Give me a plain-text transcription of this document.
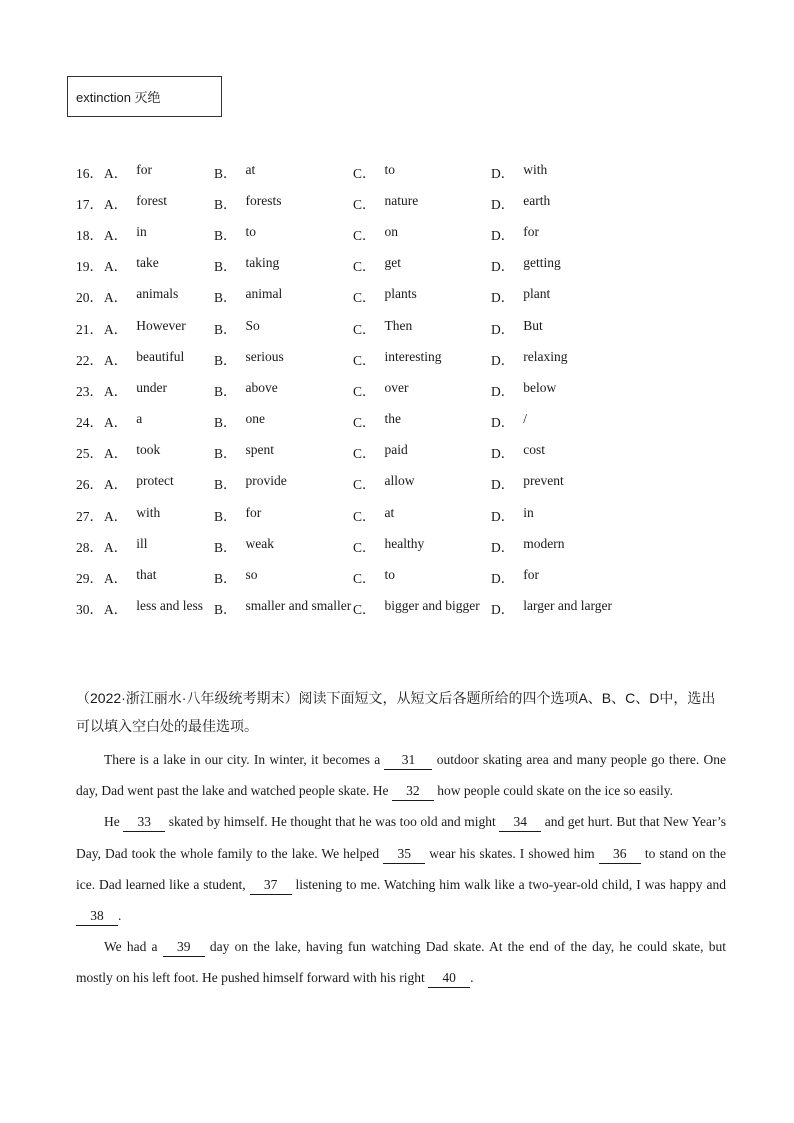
extinction 灭绝
16． A． for	B． at	C． to	D． with
17． A． forest	B． forests	C． nature	D． earth
18． A． in	B． to	C． on	D． for
19． A． take	B． taking	C． get	D． getting
20． A． animals	B． animal	C． plants	D． plant
21． A． However B． So	C． Then	D． But
22． A． beautiful B． serious	C． interesting	D． relaxing
23． A． under	B． above	C． over	D． below
24． A． a	B． one	C． the	D． /
25． A． took	B． spent	C． paid	D． cost
26． A． protect	B． provide	C． allow	D． prevent
27． A． with	B． for	C． at	D． in
28． A． ill	B． weak	C． healthy	D． modern
29． A． that	B． so	C． to	D． for
30． A． less and less B． smaller and smaller C． bigger and bigger D． larger and larger
（2022·浙江丽水·八年级统考期末）阅读下面短文，从短文后各题所给的四个选项A、B、C、D中，选出可以填入空白处的最佳选项。

There is a lake in our city. In winter, it becomes a 31 outdoor skating area and many people go there. One day, Dad went past the lake and watched people skate. He 32 how people could skate on the ice so easily.

He 33 skated by himself. He thought that he was too old and might 34 and get hurt. But that New Year’s Day, Dad took the whole family to the lake. We helped 35 wear his skates. I showed him 36 to stand on the ice. Dad learned like a student, 37 listening to me. Watching him walk like a two-year-old child, I was happy and 38 .

We had a 39 day on the lake, having fun watching Dad skate. At the end of the day, he could skate, but mostly on his left foot. He pushed himself forward with his right 40 .
